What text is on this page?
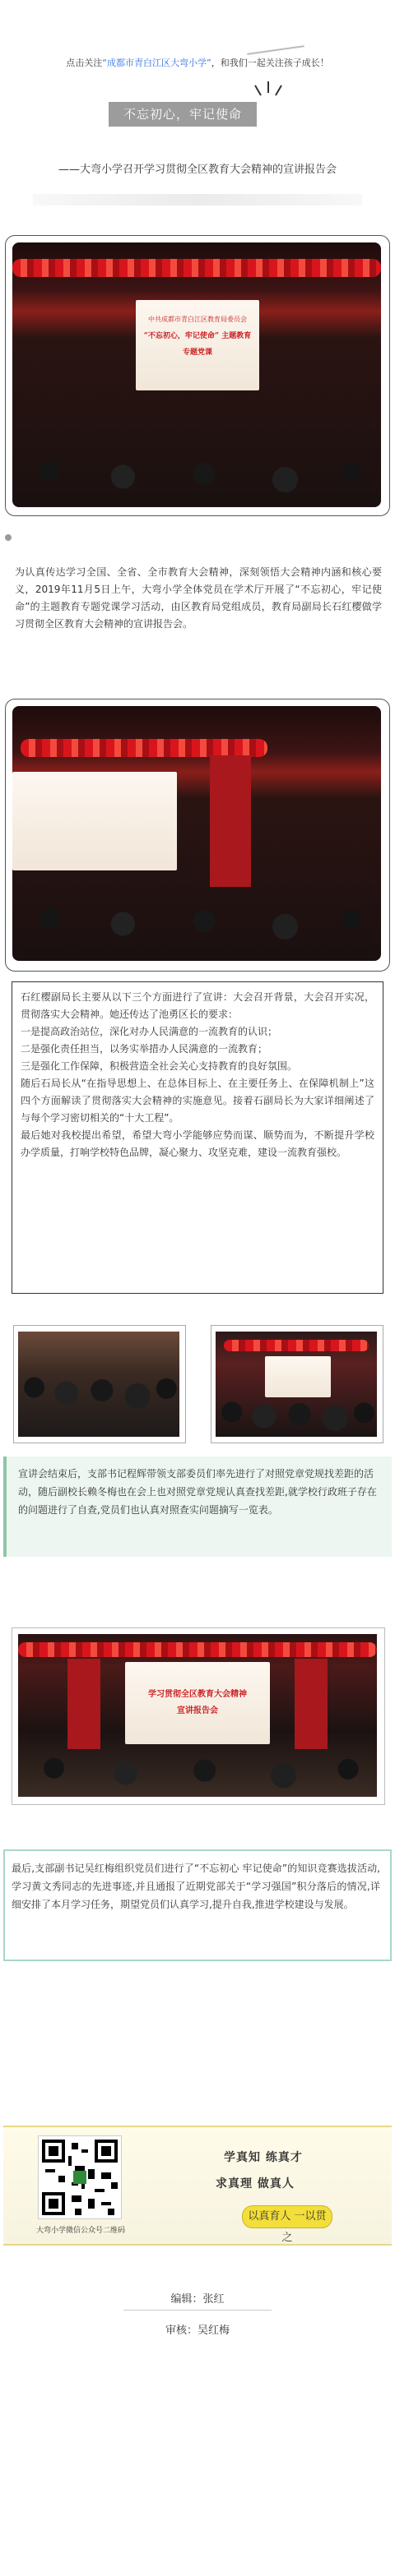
点击关注“成都市青白江区大弯小学”，和我们一起关注孩子成长！
不忘初心，牢记使命
——大弯小学召开学习贯彻全区教育大会精神的宣讲报告会
中共成都市青白江区教育局委员会
“不忘初心，牢记使命” 主题教育
专题党课
为认真传达学习全国、全省、全市教育大会精神，深刻领悟大会精神内涵和核心要义，2019年11月5日上午，大弯小学全体党员在学术厅开展了“不忘初心，牢记使命”的主题教育专题党课学习活动，由区教育局党组成员，教育局副局长石红樱做学习贯彻全区教育大会精神的宣讲报告会。

石红樱副局长主要从以下三个方面进行了宣讲：大会召开背景，大会召开实况，贯彻落实大会精神。她还传达了池勇区长的要求：

一是提高政治站位，深化对办人民满意的一流教育的认识；

二是强化责任担当，以务实举措办人民满意的一流教育；

三是强化工作保障，积极营造全社会关心支持教育的良好氛围。

随后石局长从“在指导思想上、在总体目标上、在主要任务上、在保障机制上”这四个方面解读了贯彻落实大会精神的实施意见。接着石副局长为大家详细阐述了与每个学习密切相关的“十大工程”。

最后她对我校提出希望，希望大弯小学能够应势而谋、顺势而为，不断提升学校办学质量，打响学校特色品牌，凝心聚力、攻坚克难，建设一流教育强校。

宣讲会结束后，支部书记程辉带领支部委员们率先进行了对照党章党规找差距的活动，随后副校长赖冬梅也在会上也对照党章党规认真查找差距,就学校行政班子存在的问题进行了自查,党员们也认真对照查实问题摘写一览表。
学习贯彻全区教育大会精神
宣讲报告会
最后,支部副书记吴红梅组织党员们进行了“不忘初心 牢记使命”的知识竞赛选拔活动,学习黄文秀同志的先进事迹,并且通报了近期党部关于“学习强国”积分落后的情况,详细安排了本月学习任务，期望党员们认真学习,提升自我,推进学校建设与发展。
大弯小学微信公众号二维码
学真知 练真才
求真理 做真人
以真育人 一以贯之
编辑：张红
审核：吴红梅
